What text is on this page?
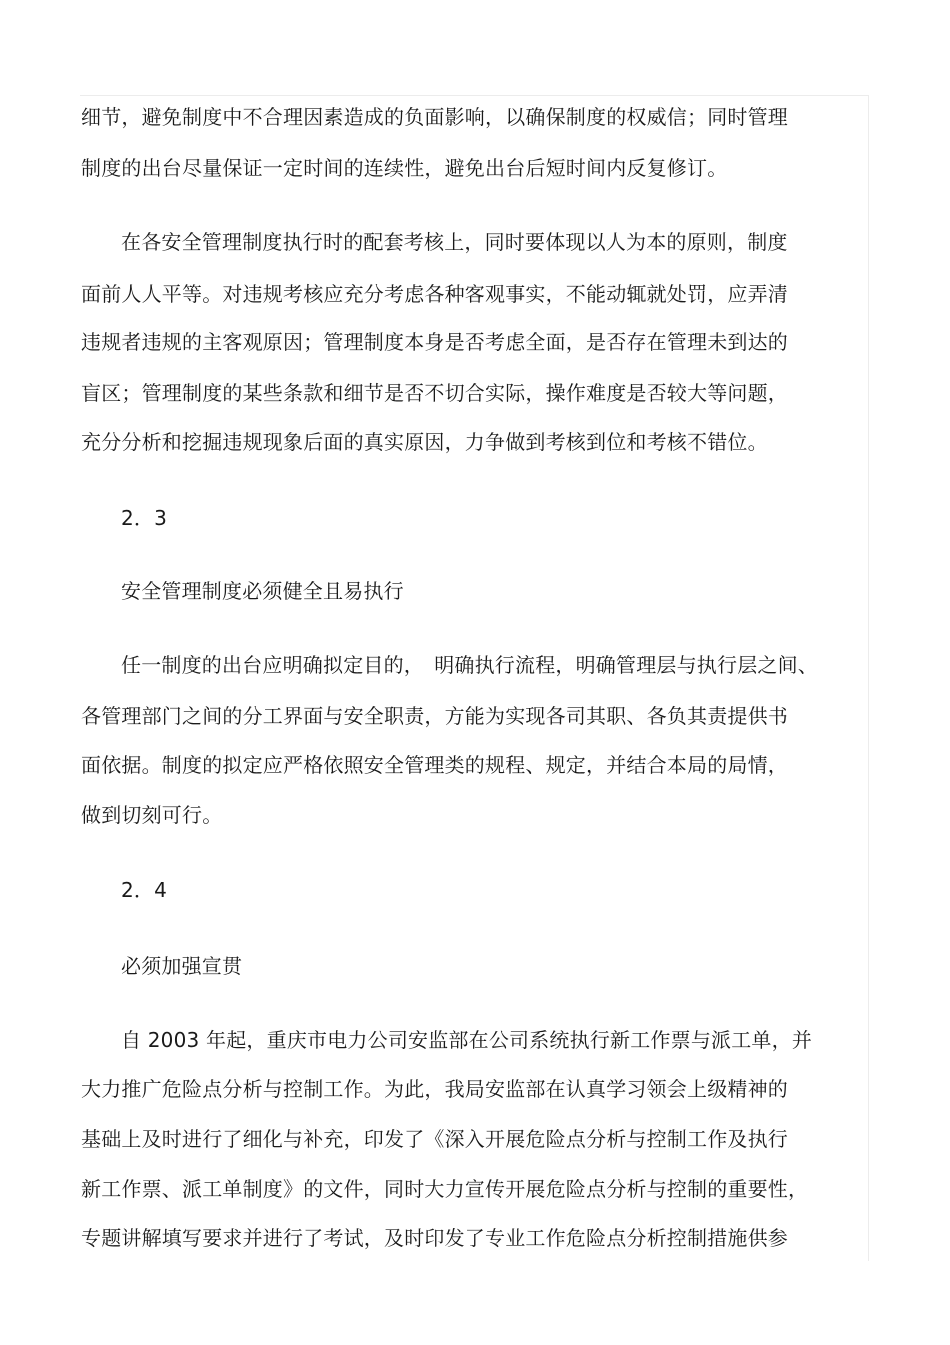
细节，避免制度中不合理因素造成的负面影响，以确保制度的权威信；同时管理
制度的出台尽量保证一定时间的连续性，避免出台后短时间内反复修订。
在各安全管理制度执行时的配套考核上，同时要体现以人为本的原则，制度
面前人人平等。对违规考核应充分考虑各种客观事实，不能动辄就处罚，应弄清
违规者违规的主客观原因；管理制度本身是否考虑全面，是否存在管理未到达的
盲区；管理制度的某些条款和细节是否不切合实际，操作难度是否较大等问题，
充分分析和挖掘违规现象后面的真实原因，力争做到考核到位和考核不错位。
2．3
安全管理制度必须健全且易执行
任一制度的出台应明确拟定目的，　明确执行流程，明确管理层与执行层之间、
各管理部门之间的分工界面与安全职责，方能为实现各司其职、各负其责提供书
面依据。制度的拟定应严格依照安全管理类的规程、规定，并结合本局的局情，
做到切刻可行。
2．4
必须加强宣贯
自 2003 年起，重庆市电力公司安监部在公司系统执行新工作票与派工单，并
大力推广危险点分析与控制工作。为此，我局安监部在认真学习领会上级精神的
基础上及时进行了细化与补充，印发了《深入开展危险点分析与控制工作及执行
新工作票、派工单制度》的文件，同时大力宣传开展危险点分析与控制的重要性，
专题讲解填写要求并进行了考试，及时印发了专业工作危险点分析控制措施供参
